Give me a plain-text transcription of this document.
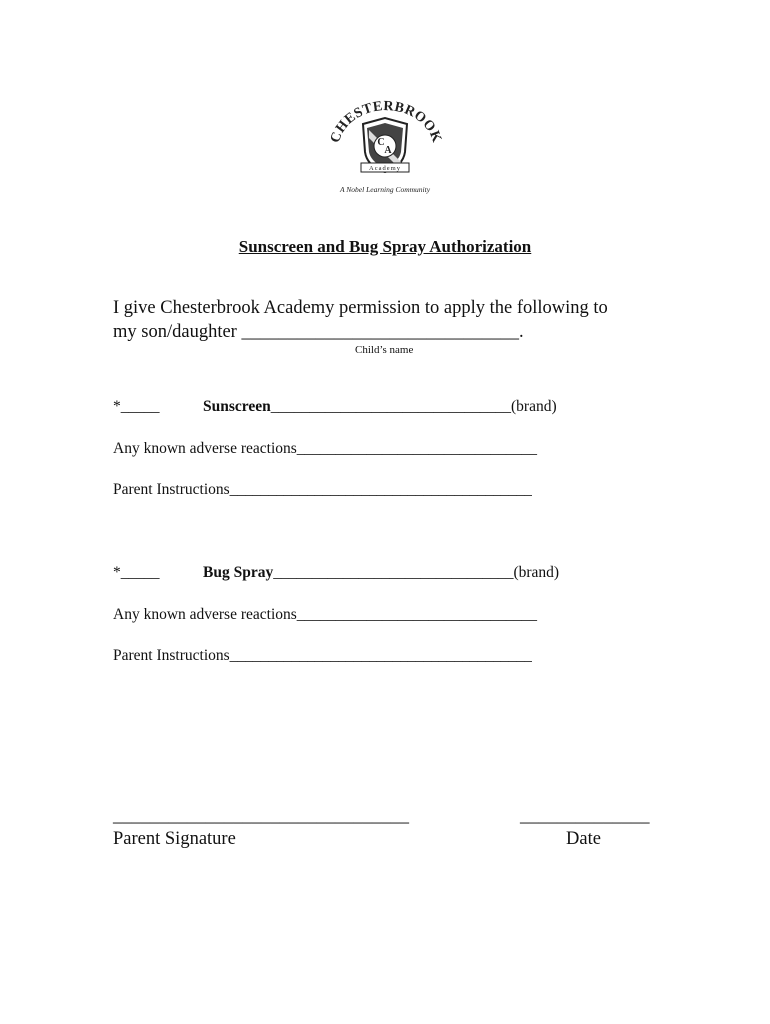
CHESTERBROOK
C
A
Academy
A Nobel Learning Community
Sunscreen and Bug Spray Authorization
I give Chesterbrook Academy permission to apply the following to
my son/daughter ______________________________.
Child’s name
*_____	Sunscreen_______________________________(brand)
Any known adverse reactions_______________________________
Parent Instructions_______________________________________
*_____	Bug Spray_______________________________(brand)
Any known adverse reactions_______________________________
Parent Instructions_______________________________________
________________________________	______________
Parent Signature	Date
